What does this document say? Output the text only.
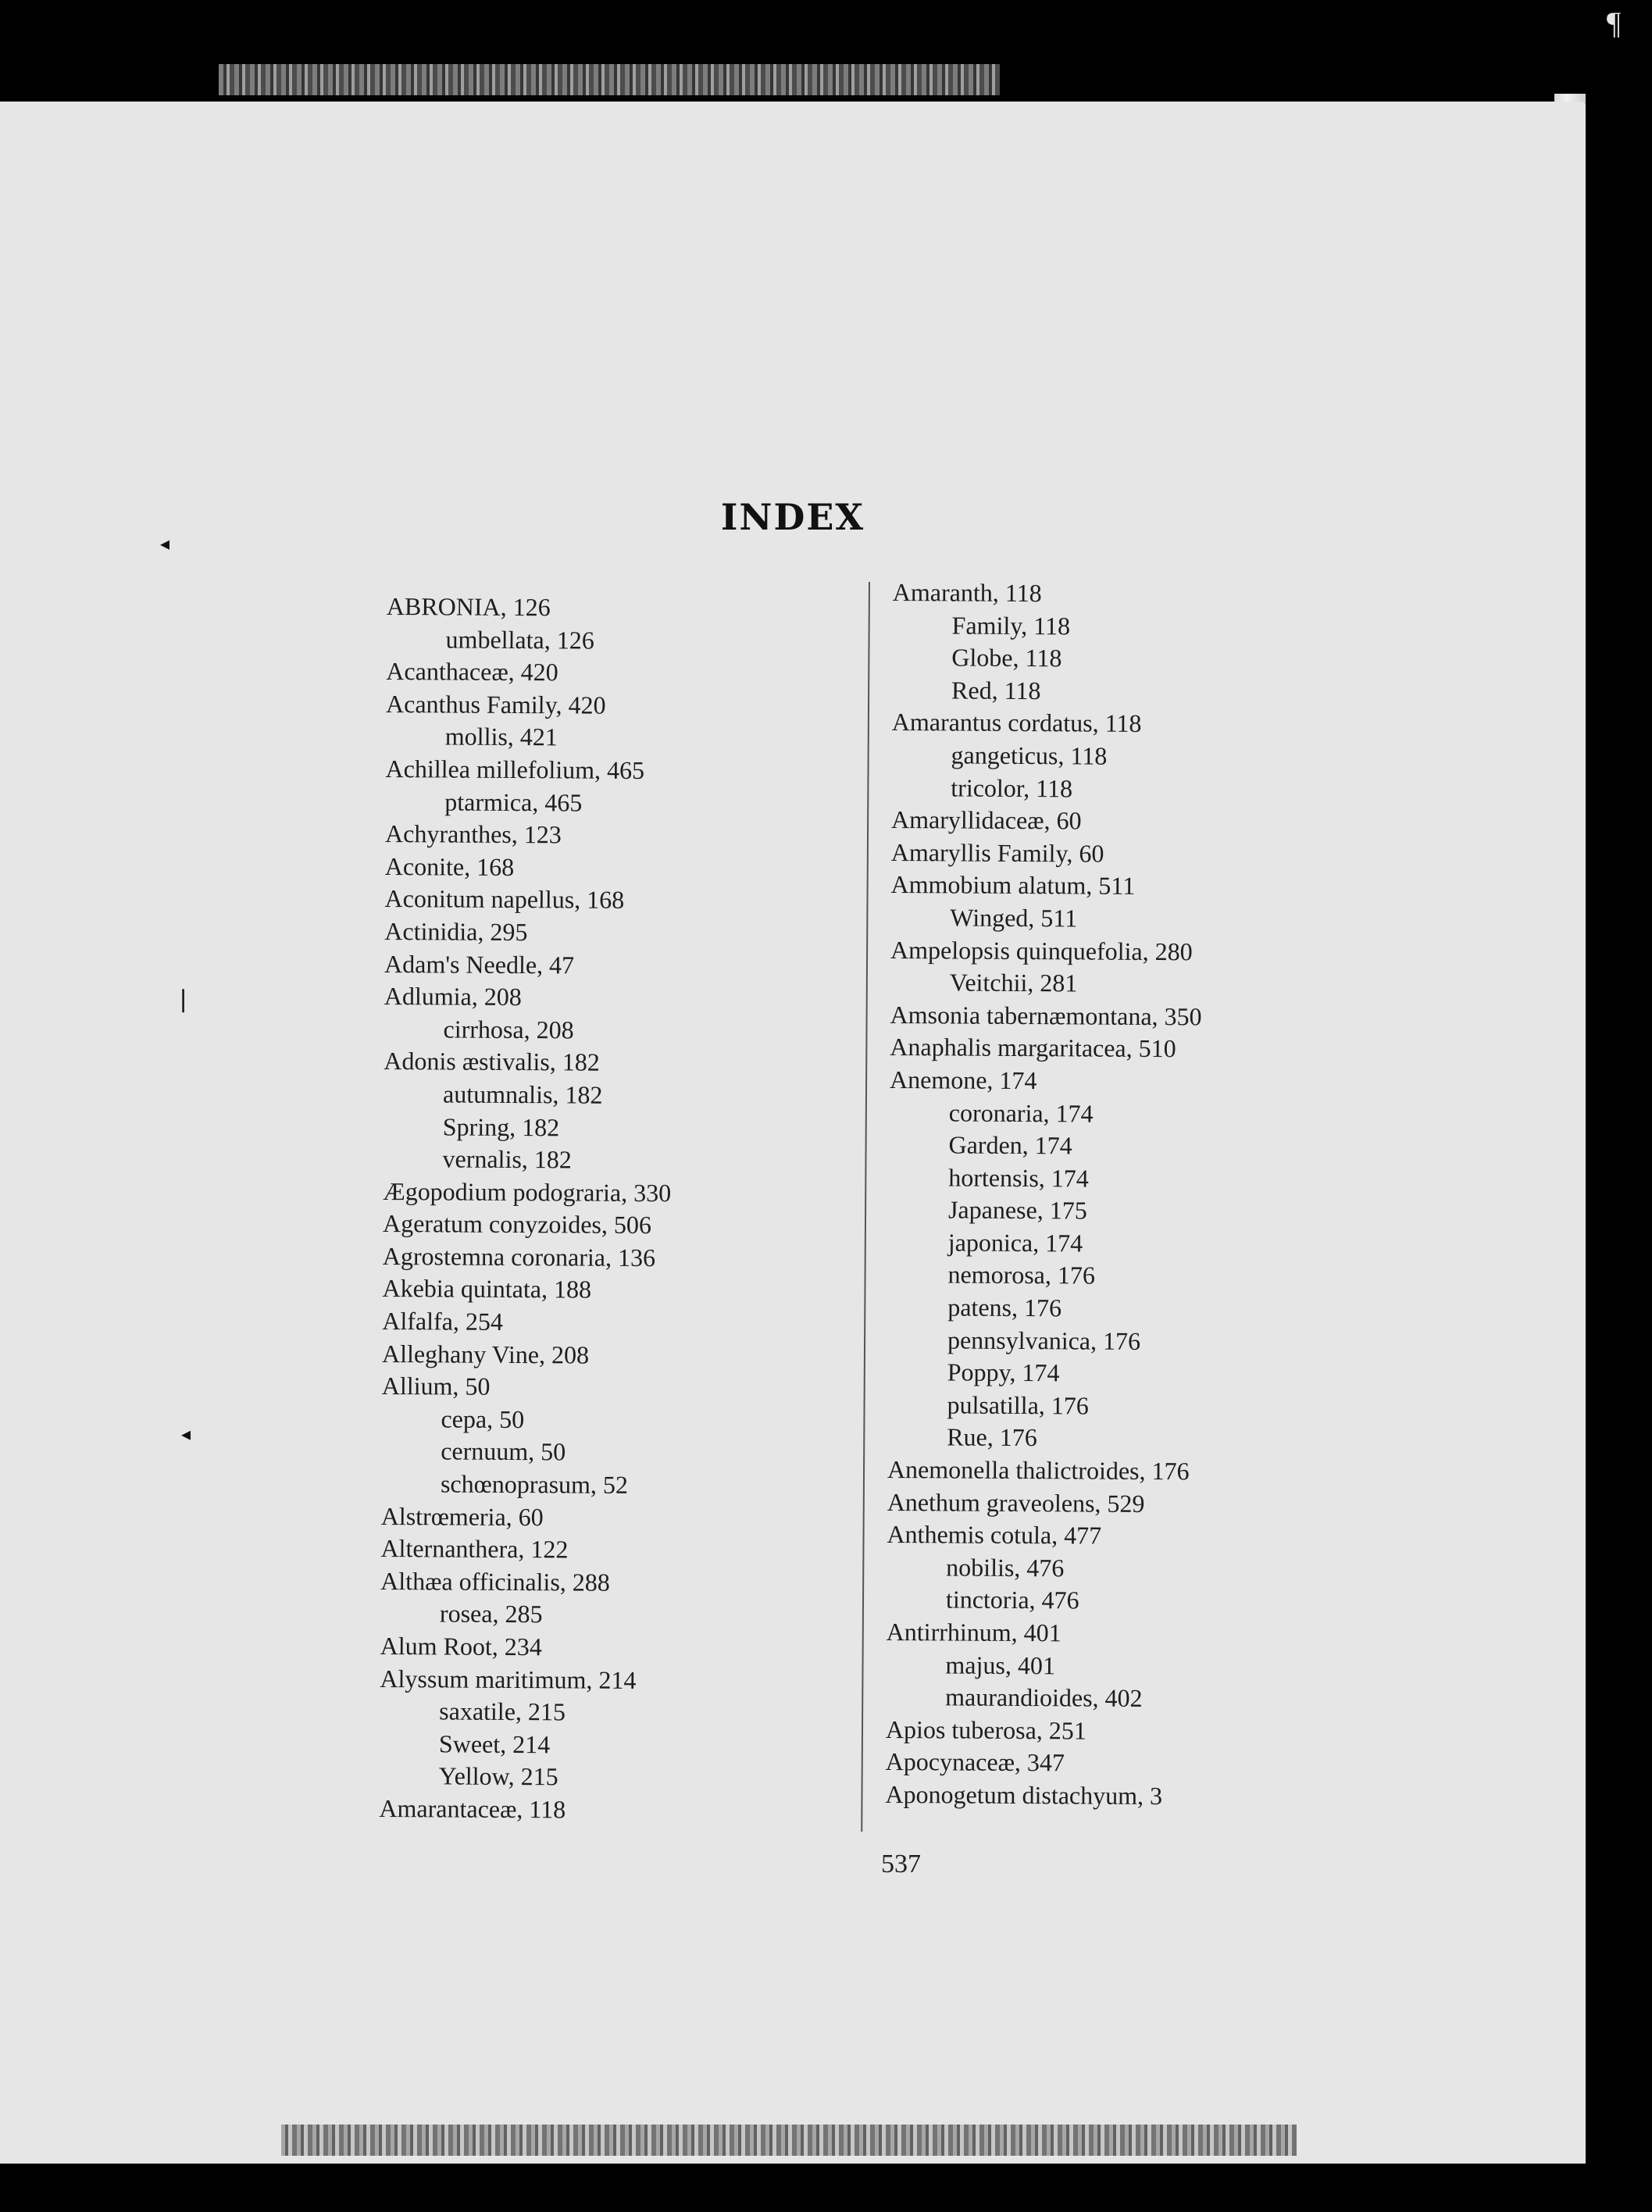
¶
◂
❘
◂
INDEX
ABRONIA, 126
umbellata, 126
Acanthaceæ, 420
Acanthus Family, 420
mollis, 421
Achillea millefolium, 465
ptarmica, 465
Achyranthes, 123
Aconite, 168
Aconitum napellus, 168
Actinidia, 295
Adam's Needle, 47
Adlumia, 208
cirrhosa, 208
Adonis æstivalis, 182
autumnalis, 182
Spring, 182
vernalis, 182
Ægopodium podograria, 330
Ageratum conyzoides, 506
Agrostemna coronaria, 136
Akebia quintata, 188
Alfalfa, 254
Alleghany Vine, 208
Allium, 50
cepa, 50
cernuum, 50
schœnoprasum, 52
Alstrœmeria, 60
Alternanthera, 122
Althæa officinalis, 288
rosea, 285
Alum Root, 234
Alyssum maritimum, 214
saxatile, 215
Sweet, 214
Yellow, 215
Amarantaceæ, 118
Amaranth, 118
Family, 118
Globe, 118
Red, 118
Amarantus cordatus, 118
gangeticus, 118
tricolor, 118
Amaryllidaceæ, 60
Amaryllis Family, 60
Ammobium alatum, 511
Winged, 511
Ampelopsis quinquefolia, 280
Veitchii, 281
Amsonia tabernæmontana, 350
Anaphalis margaritacea, 510
Anemone, 174
coronaria, 174
Garden, 174
hortensis, 174
Japanese, 175
japonica, 174
nemorosa, 176
patens, 176
pennsylvanica, 176
Poppy, 174
pulsatilla, 176
Rue, 176
Anemonella thalictroides, 176
Anethum graveolens, 529
Anthemis cotula, 477
nobilis, 476
tinctoria, 476
Antirrhinum, 401
majus, 401
maurandioides, 402
Apios tuberosa, 251
Apocynaceæ, 347
Aponogetum distachyum, 3
537
